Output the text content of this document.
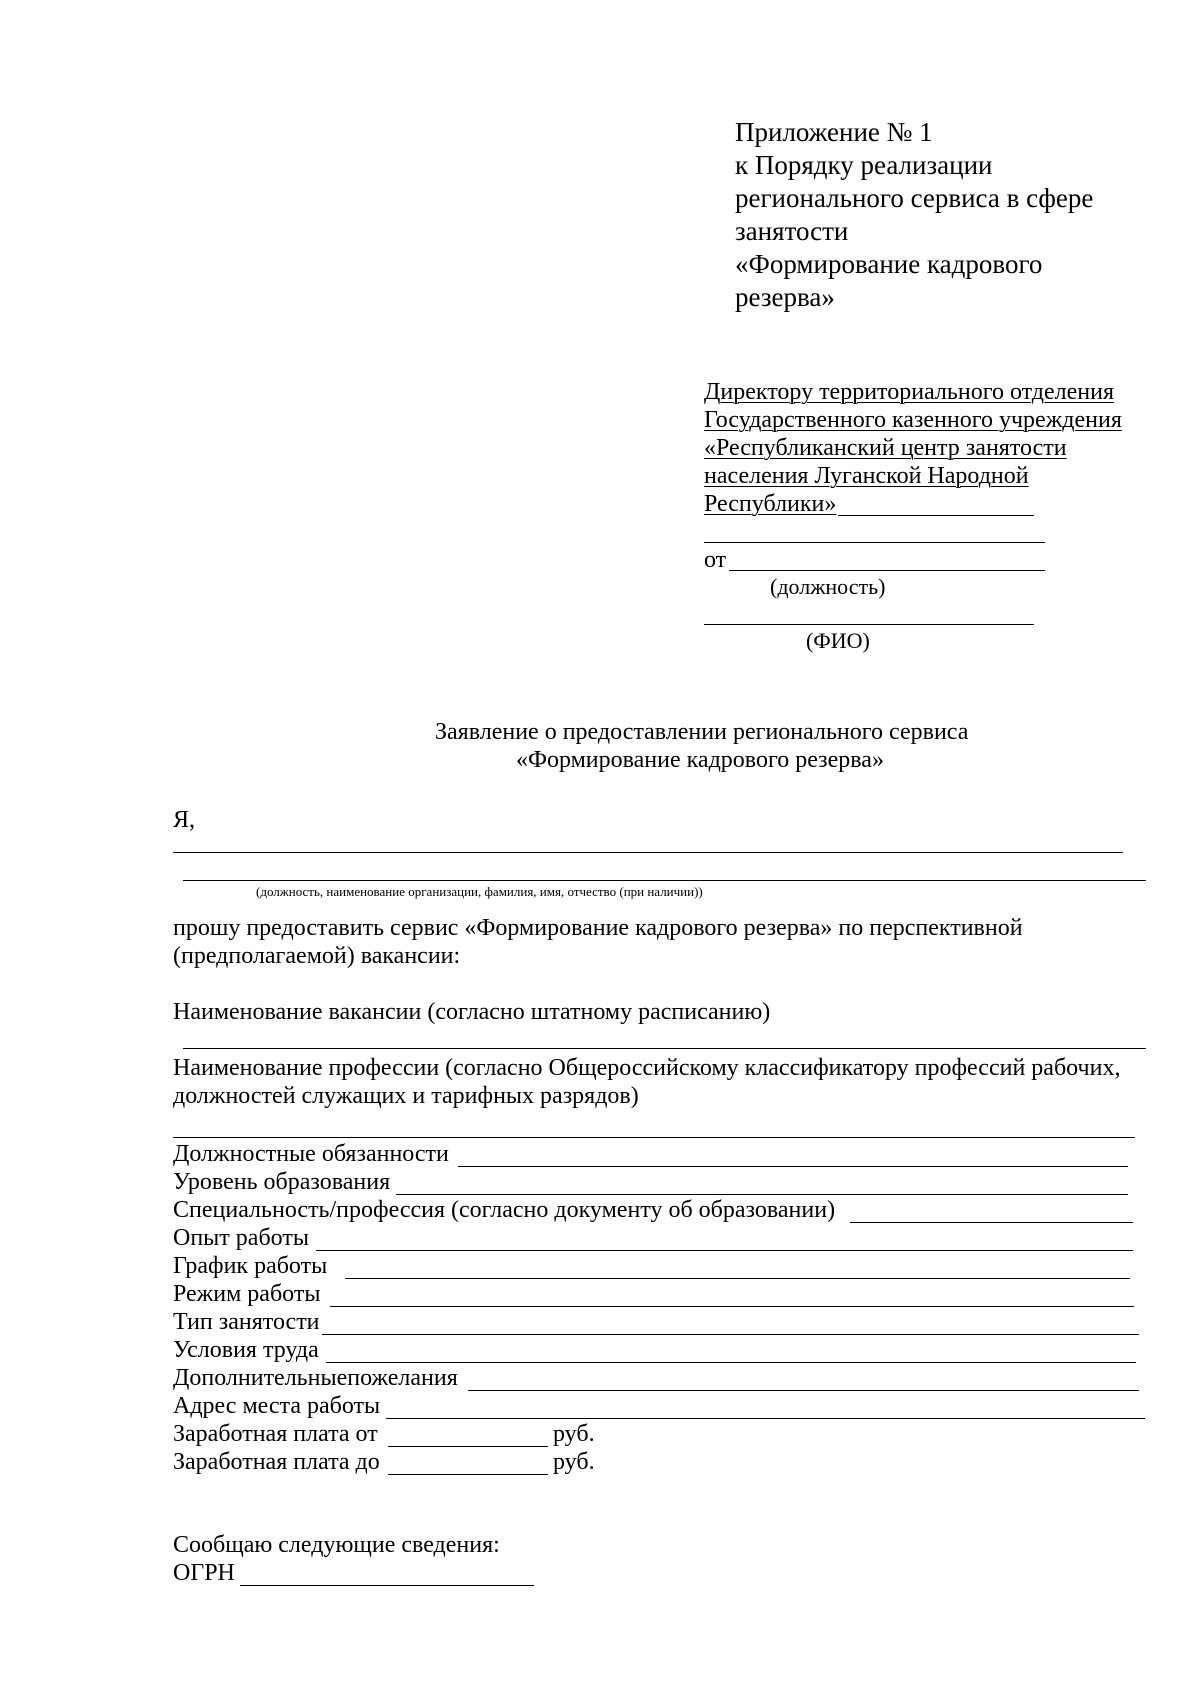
Приложение № 1
к Порядку реализации
регионального сервиса в сфере
занятости
«Формирование кадрового
резерва»
Директору территориального отделения
Государственного казенного учреждения
«Республиканский центр занятости
населения Луганской Народной
Республики»
от
(должность)
(ФИО)
Заявление о предоставлении регионального сервиса
«Формирование кадрового резерва»
Я,
(должность, наименование организации, фамилия, имя, отчество (при наличии))
прошу предоставить сервис «Формирование кадрового резерва» по перспективной
(предполагаемой) вакансии:
Наименование вакансии (согласно штатному расписанию)
Наименование профессии (согласно Общероссийскому классификатору профессий рабочих,
должностей служащих и тарифных разрядов)
Должностные обязанности
Уровень образования
Специальность/профессия (согласно документу об образовании)
Опыт работы
График работы
Режим работы
Тип занятости
Условия труда
Дополнительныепожелания
Адрес места работы
Заработная плата от	руб.
Заработная плата до	руб.
Сообщаю следующие сведения:
ОГРН
